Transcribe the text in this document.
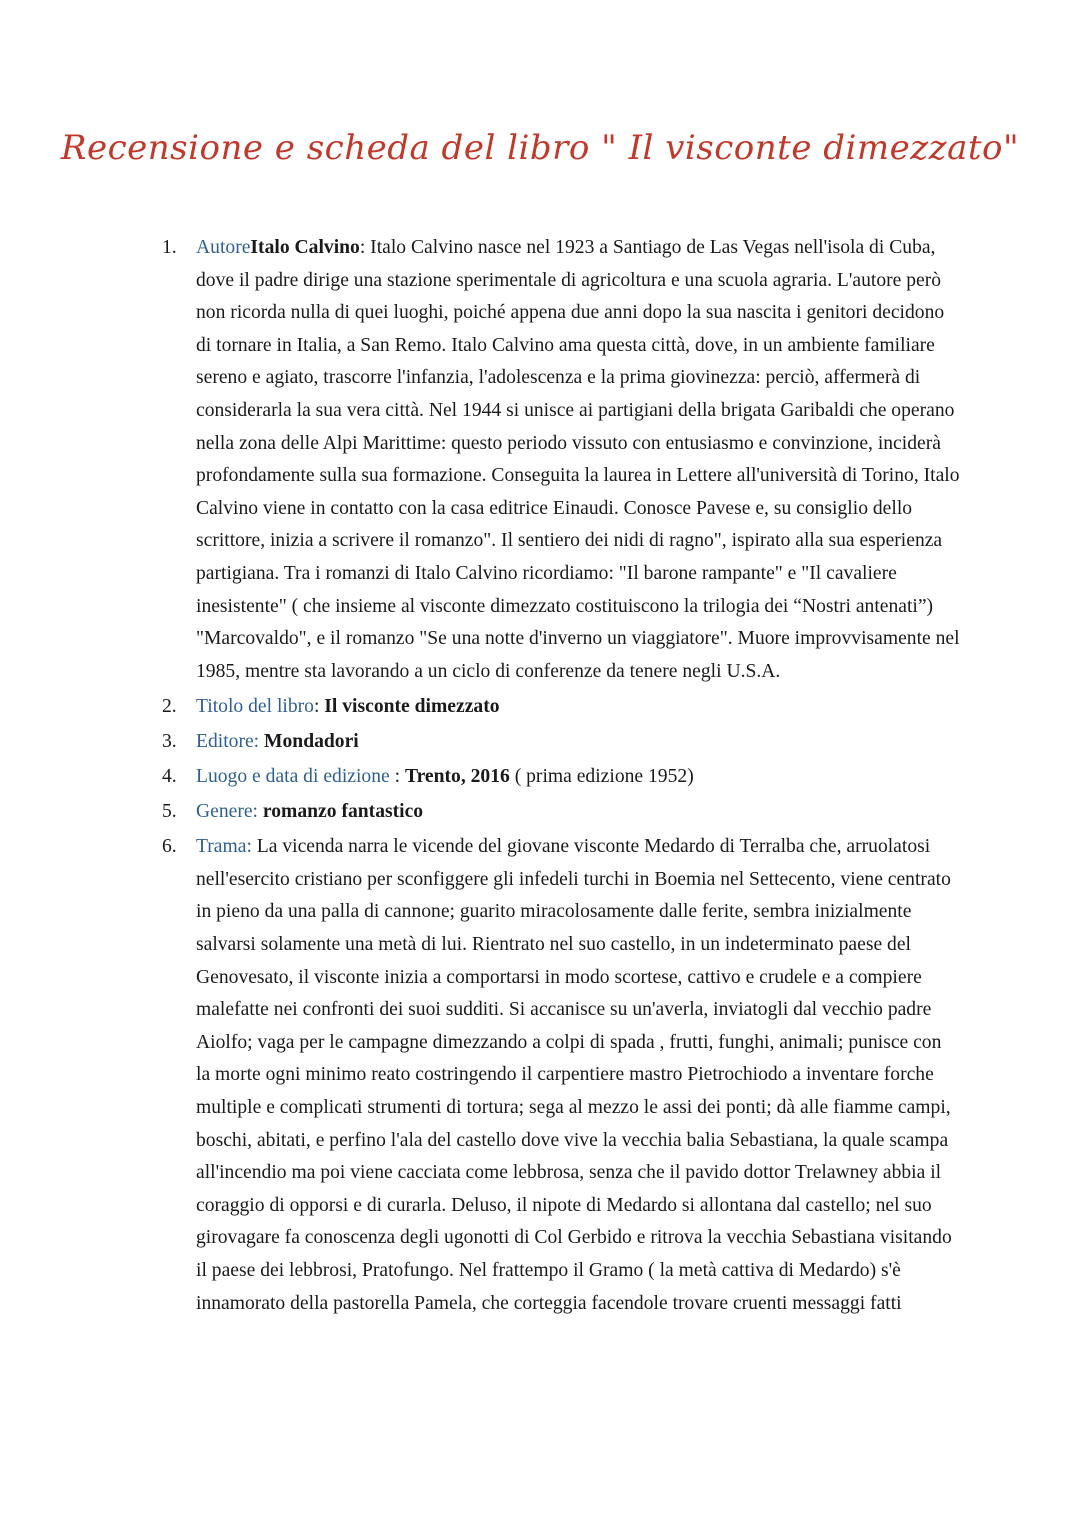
Recensione e scheda del libro " Il visconte dimezzato"
1. AutoreItalo Calvino: Italo Calvino nasce nel 1923 a Santiago de Las Vegas nell'isola di Cuba, dove il padre dirige una stazione sperimentale di agricoltura e una scuola agraria. L'autore però non ricorda nulla di quei luoghi, poiché appena due anni dopo la sua nascita i genitori decidono di tornare in Italia, a San Remo. Italo Calvino ama questa città, dove, in un ambiente familiare sereno e agiato, trascorre l'infanzia, l'adolescenza e la prima giovinezza: perciò, affermerà di considerarla la sua vera città. Nel 1944 si unisce ai partigiani della brigata Garibaldi che operano nella zona delle Alpi Marittime: questo periodo vissuto con entusiasmo e convinzione, inciderà profondamente sulla sua formazione. Conseguita la laurea in Lettere all'università di Torino, Italo Calvino viene in contatto con la casa editrice Einaudi. Conosce Pavese e, su consiglio dello scrittore, inizia a scrivere il romanzo". Il sentiero dei nidi di ragno", ispirato alla sua esperienza partigiana. Tra i romanzi di Italo Calvino ricordiamo: "Il barone rampante" e "Il cavaliere inesistente" ( che insieme al visconte dimezzato costituiscono la trilogia dei “Nostri antenati”) "Marcovaldo", e il romanzo "Se una notte d'inverno un viaggiatore". Muore improvvisamente nel 1985, mentre sta lavorando a un ciclo di conferenze da tenere negli U.S.A.
2. Titolo del libro: Il visconte dimezzato
3. Editore: Mondadori
4. Luogo e data di edizione : Trento, 2016 ( prima edizione 1952)
5. Genere: romanzo fantastico
6. Trama: La vicenda narra le vicende del giovane visconte Medardo di Terralba che, arruolatosi nell'esercito cristiano per sconfiggere gli infedeli turchi in Boemia nel Settecento, viene centrato in pieno da una palla di cannone; guarito miracolosamente dalle ferite, sembra inizialmente salvarsi solamente una metà di lui. Rientrato nel suo castello, in un indeterminato paese del Genovesato, il visconte inizia a comportarsi in modo scortese, cattivo e crudele e a compiere malefatte nei confronti dei suoi sudditi. Si accanisce su un'averla, inviatogli dal vecchio padre Aiolfo; vaga per le campagne dimezzando a colpi di spada , frutti, funghi, animali; punisce con la morte ogni minimo reato costringendo il carpentiere mastro Pietrochiodo a inventare forche multiple e complicati strumenti di tortura; sega al mezzo le assi dei ponti; dà alle fiamme campi, boschi, abitati, e perfino l'ala del castello dove vive la vecchia balia Sebastiana, la quale scampa all'incendio ma poi viene cacciata come lebbrosa, senza che il pavido dottor Trelawney abbia il coraggio di opporsi e di curarla. Deluso, il nipote di Medardo si allontana dal castello; nel suo girovagare fa conoscenza degli ugonotti di Col Gerbido e ritrova la vecchia Sebastiana visitando il paese dei lebbrosi, Pratofungo. Nel frattempo il Gramo ( la metà cattiva di Medardo) s'è innamorato della pastorella Pamela, che corteggia facendole trovare cruenti messaggi fatti
